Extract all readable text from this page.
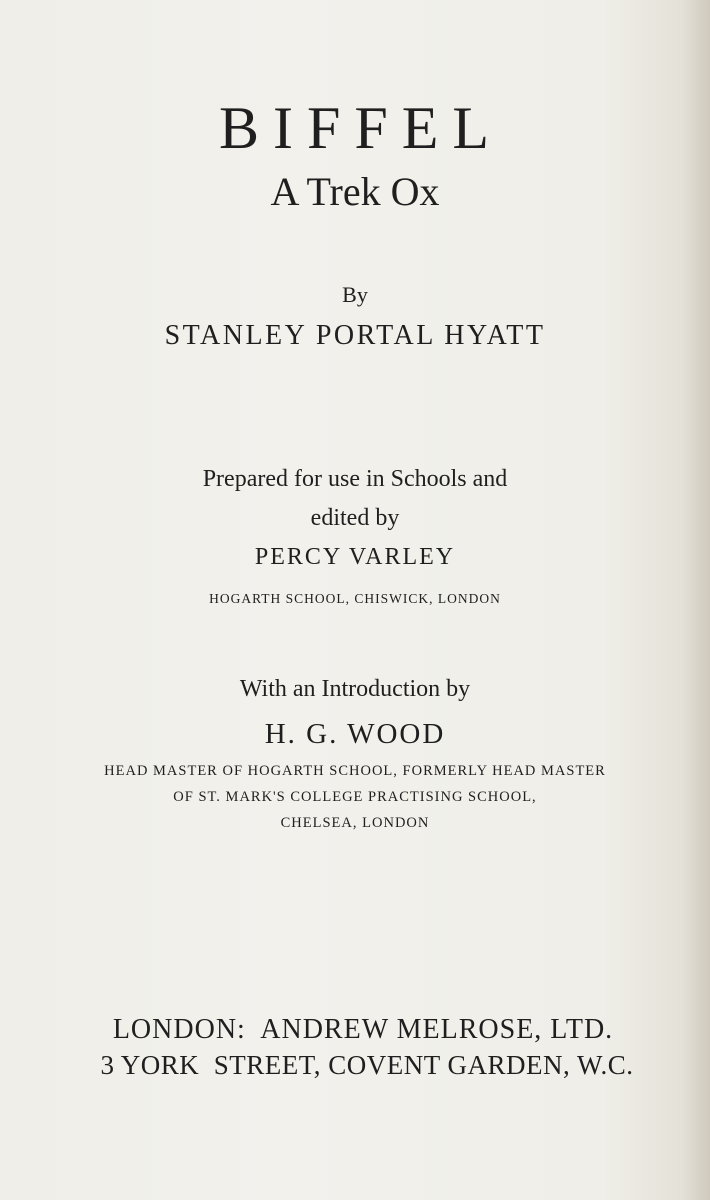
BIFFEL
A Trek Ox
By
STANLEY PORTAL HYATT
Prepared for use in Schools and
edited by
PERCY VARLEY
HOGARTH SCHOOL, CHISWICK, LONDON
With an Introduction by
H. G. WOOD
HEAD MASTER OF HOGARTH SCHOOL, FORMERLY HEAD MASTER
OF ST. MARK'S COLLEGE PRACTISING SCHOOL,
CHELSEA, LONDON
LONDON:  ANDREW MELROSE, LTD.
3 YORK  STREET, COVENT GARDEN, W.C.
